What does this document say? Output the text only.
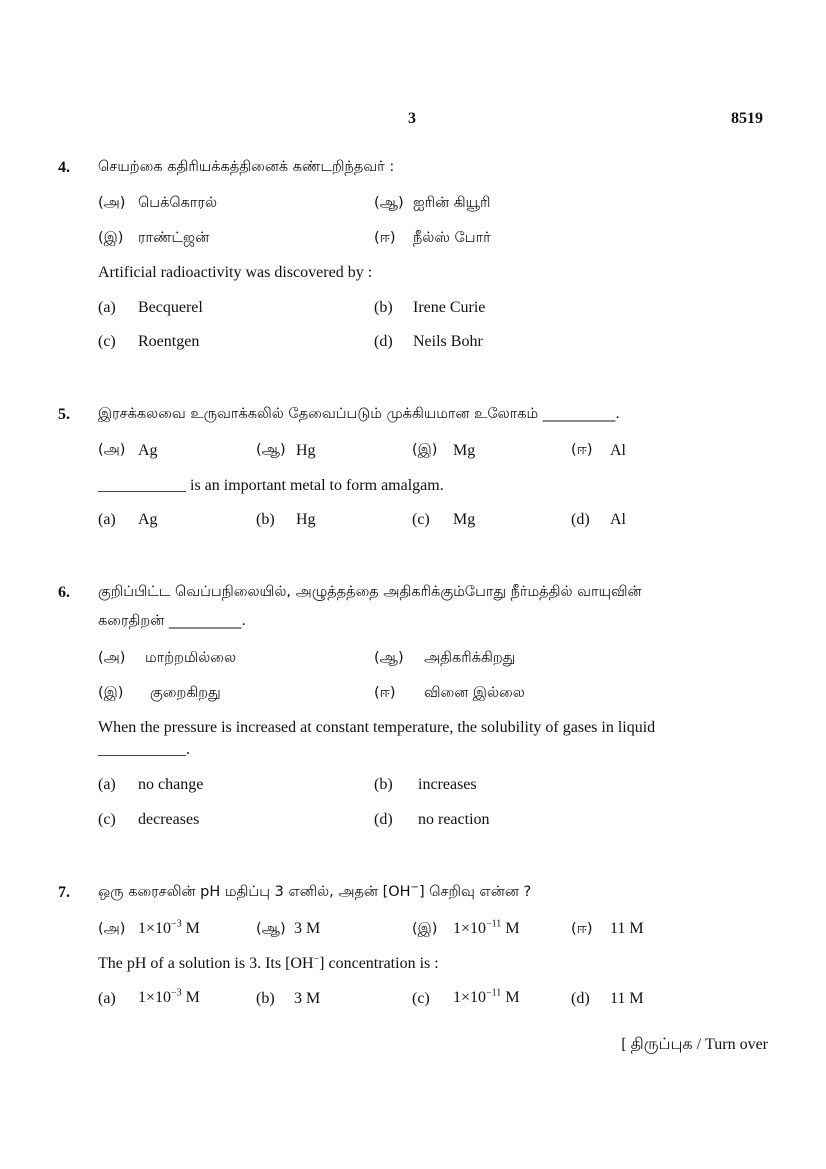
3	8519
4. செயற்கை கதிரியக்கத்தினைக் கண்டறிந்தவர் :
(அ) பெக்கொரல்	(ஆ) ஐரின் கியூரி
(இ) ராண்ட்ஜன்	(ஈ) நீல்ஸ் போர்
Artificial radioactivity was discovered by :
(a) Becquerel	(b) Irene Curie
(c) Roentgen	(d) Neils Bohr
5. இரசக்கலவை உருவாக்கலில் தேவைப்படும் முக்கியமான உலோகம் __________.
(அ) Ag	(ஆ) Hg	(இ) Mg	(ஈ) Al
___________ is an important metal to form amalgam.
(a) Ag	(b) Hg	(c) Mg	(d) Al
6. குறிப்பிட்ட வெப்பநிலையில், அழுத்தத்தை அதிகரிக்கும்போது நீர்மத்தில் வாயுவின்
கரைதிறன் __________.
(அ) மாற்றமில்லை	(ஆ) அதிகரிக்கிறது
(இ) குறைகிறது	(ஈ) வினை இல்லை
When the pressure is increased at constant temperature, the solubility of gases in liquid
___________.
(a) no change	(b) increases
(c) decreases	(d) no reaction
7. ஒரு கரைசலின் pH மதிப்பு 3 எனில், அதன் [OH−] செறிவு என்ன ?
(அ) $1\times 10^{-3}$ M	(ஆ) 3 M	(இ) $1\times 10^{-11}$ M	(ஈ) 11 M
The pH of a solution is 3. Its [OH−] concentration is :
(a) $1\times 10^{-3}$ M	(b) 3 M	(c) $1\times 10^{-11}$ M	(d) 11 M
[ திருப்புக / Turn over
